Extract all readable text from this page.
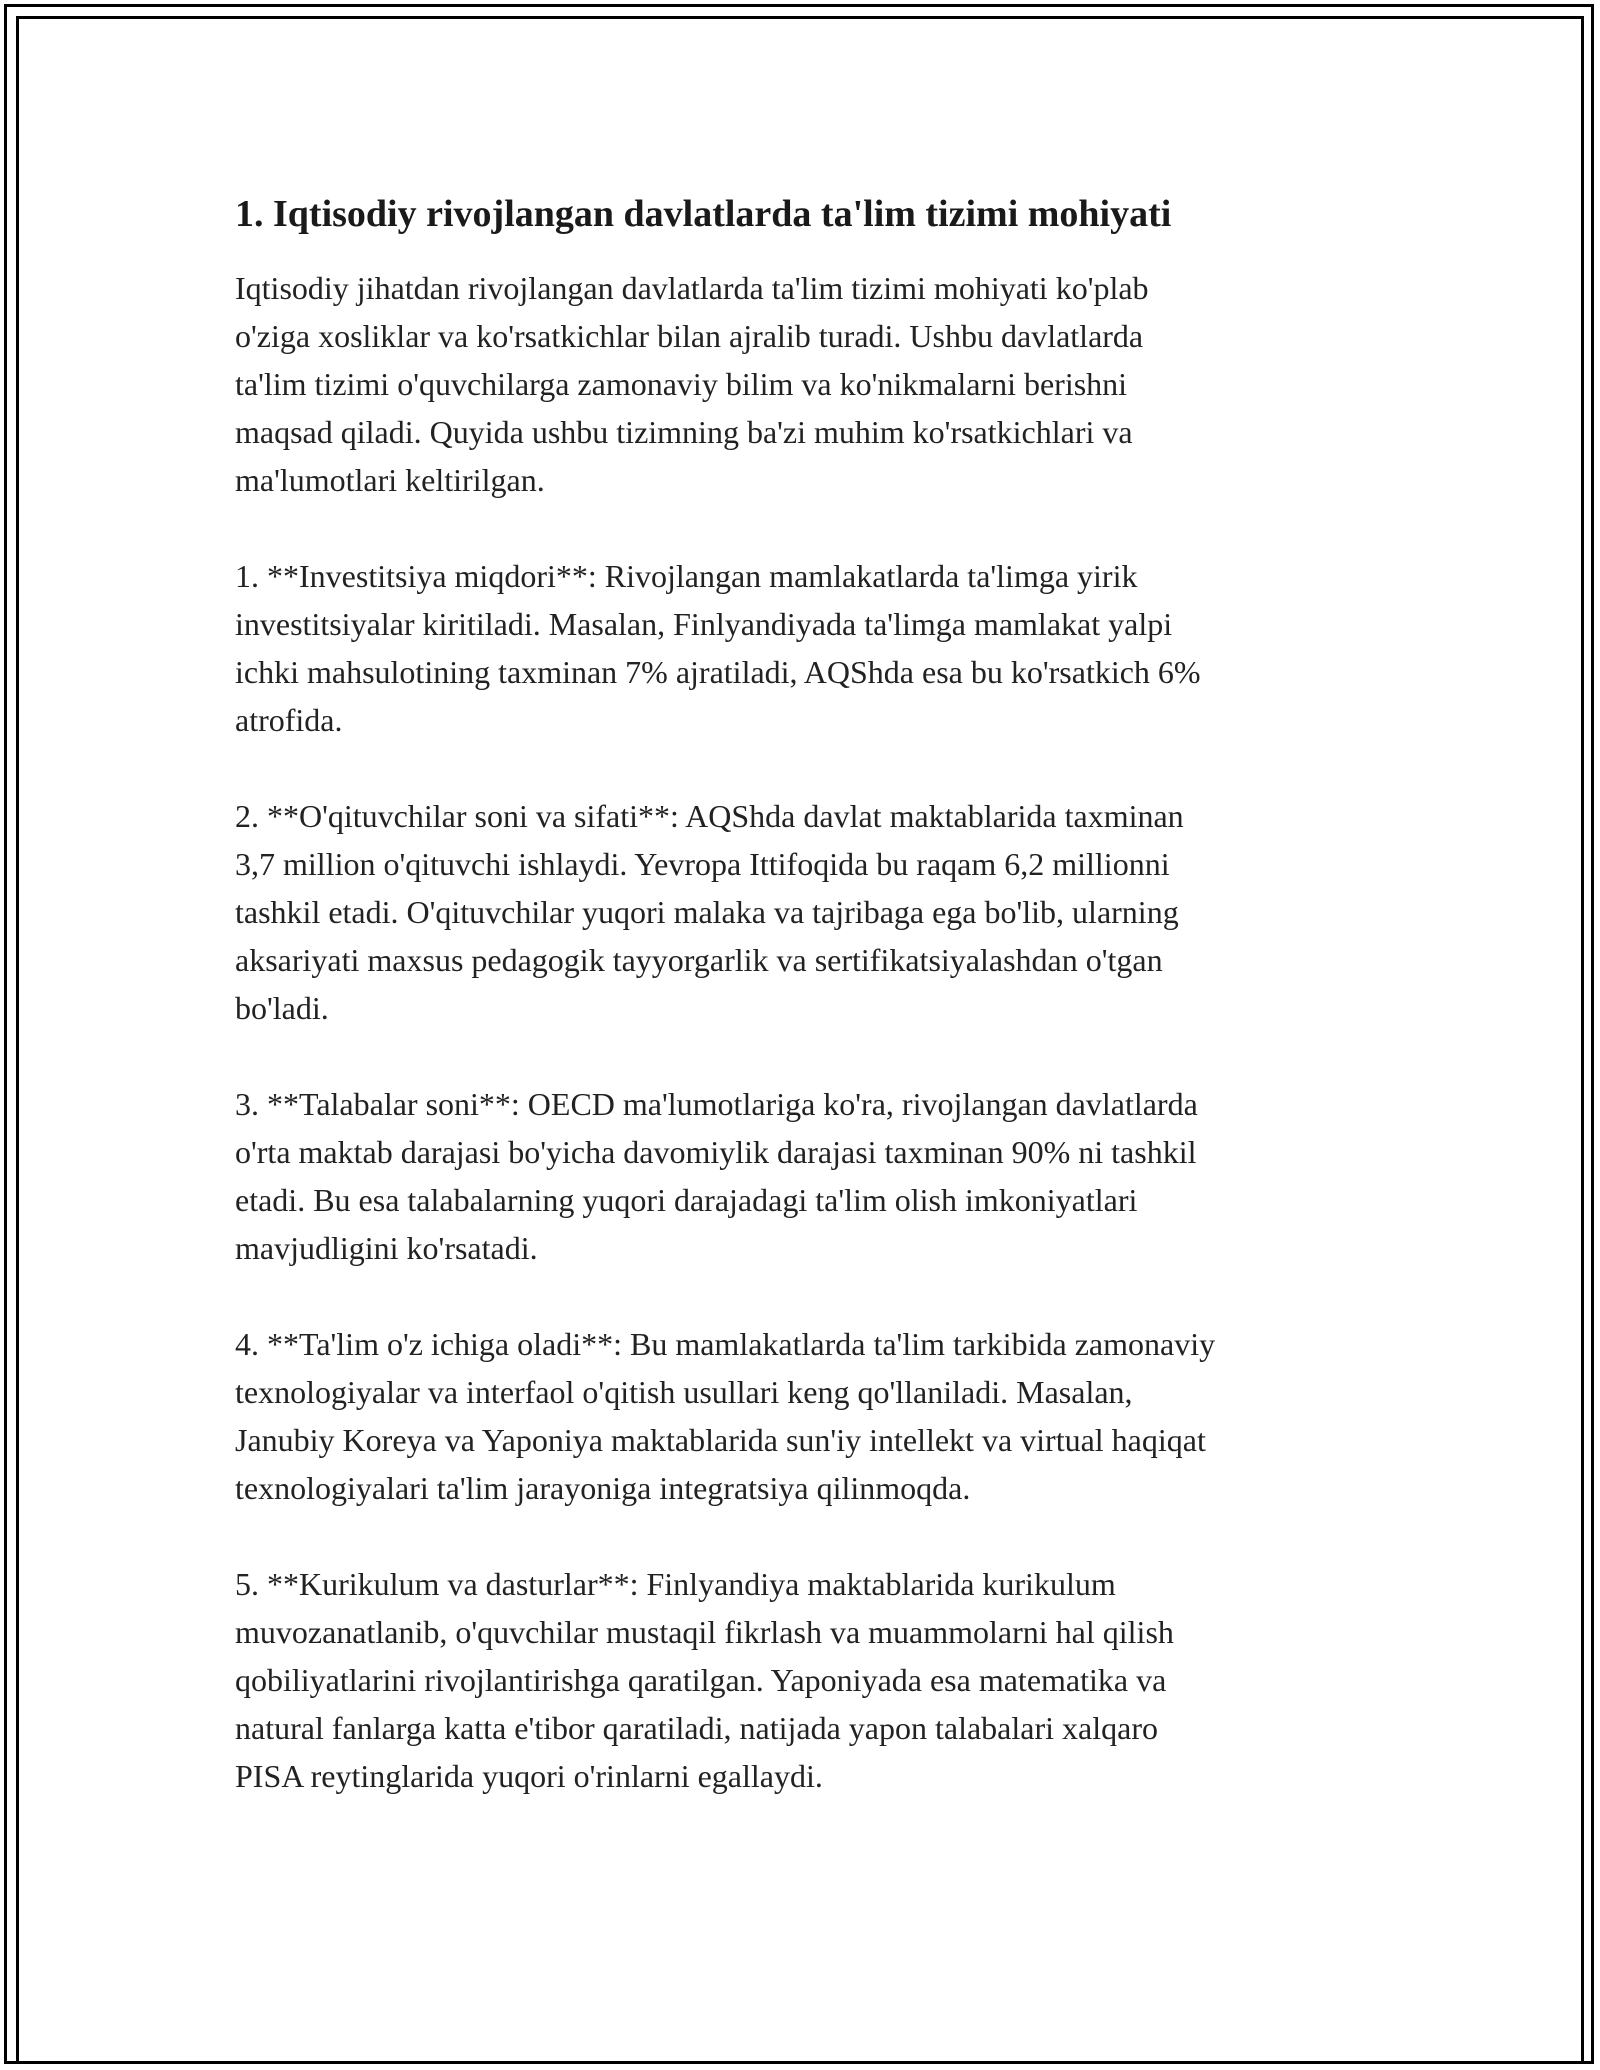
1. Iqtisodiy rivojlangan davlatlarda ta'lim tizimi mohiyati

Iqtisodiy jihatdan rivojlangan davlatlarda ta'lim tizimi mohiyati ko'plab
o'ziga xosliklar va ko'rsatkichlar bilan ajralib turadi. Ushbu davlatlarda
ta'lim tizimi o'quvchilarga zamonaviy bilim va ko'nikmalarni berishni
maqsad qiladi. Quyida ushbu tizimning ba'zi muhim ko'rsatkichlari va
ma'lumotlari keltirilgan.

1. **Investitsiya miqdori**: Rivojlangan mamlakatlarda ta'limga yirik
investitsiyalar kiritiladi. Masalan, Finlyandiyada ta'limga mamlakat yalpi
ichki mahsulotining taxminan 7% ajratiladi, AQShda esa bu ko'rsatkich 6%
atrofida.

2. **O'qituvchilar soni va sifati**: AQShda davlat maktablarida taxminan
3,7 million o'qituvchi ishlaydi. Yevropa Ittifoqida bu raqam 6,2 millionni
tashkil etadi. O'qituvchilar yuqori malaka va tajribaga ega bo'lib, ularning
aksariyati maxsus pedagogik tayyorgarlik va sertifikatsiyalashdan o'tgan
bo'ladi.

3. **Talabalar soni**: OECD ma'lumotlariga ko'ra, rivojlangan davlatlarda
o'rta maktab darajasi bo'yicha davomiylik darajasi taxminan 90% ni tashkil
etadi. Bu esa talabalarning yuqori darajadagi ta'lim olish imkoniyatlari
mavjudligini ko'rsatadi.

4. **Ta'lim o'z ichiga oladi**: Bu mamlakatlarda ta'lim tarkibida zamonaviy
texnologiyalar va interfaol o'qitish usullari keng qo'llaniladi. Masalan,
Janubiy Koreya va Yaponiya maktablarida sun'iy intellekt va virtual haqiqat
texnologiyalari ta'lim jarayoniga integratsiya qilinmoqda.

5. **Kurikulum va dasturlar**: Finlyandiya maktablarida kurikulum
muvozanatlanib, o'quvchilar mustaqil fikrlash va muammolarni hal qilish
qobiliyatlarini rivojlantirishga qaratilgan. Yaponiyada esa matematika va
natural fanlarga katta e'tibor qaratiladi, natijada yapon talabalari xalqaro
PISA reytinglarida yuqori o'rinlarni egallaydi.
